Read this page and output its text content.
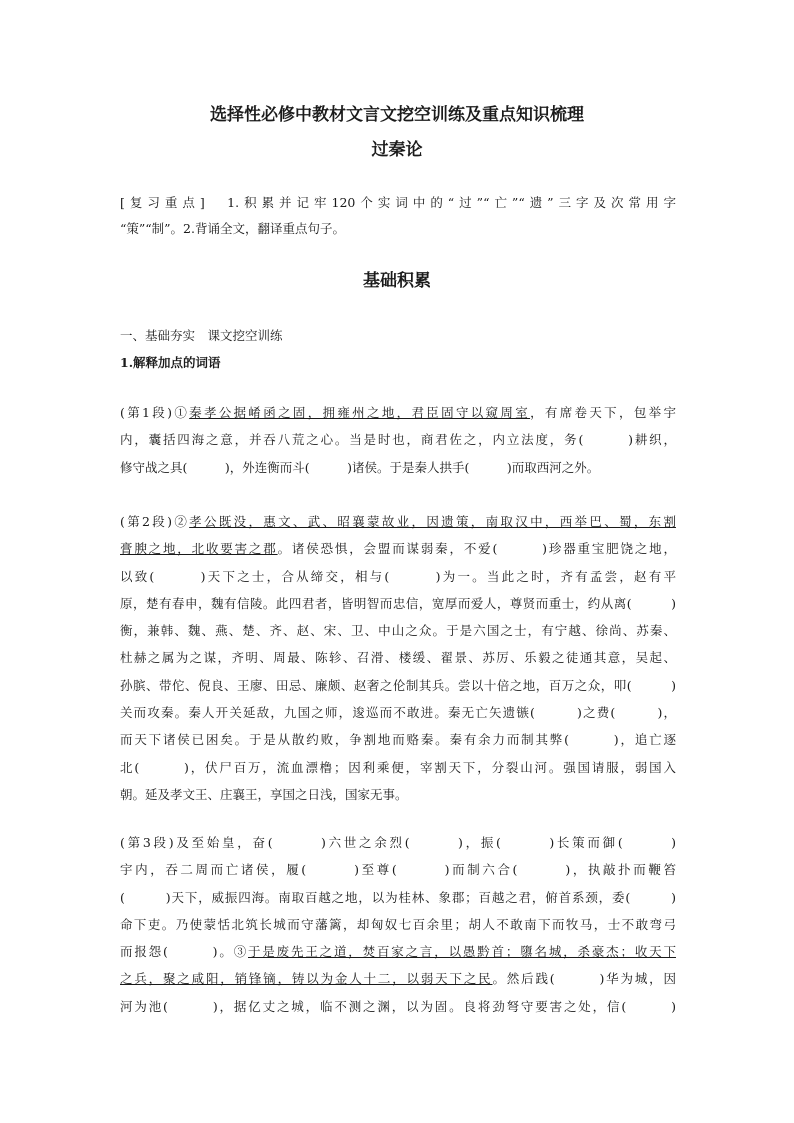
选择性必修中教材文言文挖空训练及重点知识梳理
过秦论
[复习重点]　1.积累并记牢120个实词中的“过”“亡”“遗”三字及次常用字
“策”“制”。2.背诵全文，翻译重点句子。
基础积累
一、基础夯实　课文挖空训练
1.解释加点的词语
(第1段)①秦孝公据崤函之固，拥雍州之地，君臣固守以窥周室，有席卷天下，包举宇
内，囊括四海之意，并吞八荒之心。当是时也，商君佐之，内立法度，务(　　　)耕织，
修守战之具(　　　)，外连衡而斗(　　　)诸侯。于是秦人拱手(　　　)而取西河之外。
(第2段)②孝公既没，惠文、武、昭襄蒙故业，因遗策，南取汉中，西举巴、蜀，东割
膏腴之地，北收要害之郡。诸侯恐惧，会盟而谋弱秦，不爱(　　　)珍器重宝肥饶之地，
以致(　　　)天下之士，合从缔交，相与(　　　)为一。当此之时，齐有孟尝，赵有平
原，楚有春申，魏有信陵。此四君者，皆明智而忠信，宽厚而爱人，尊贤而重士，约从离(　　　)
衡，兼韩、魏、燕、楚、齐、赵、宋、卫、中山之众。于是六国之士，有宁越、徐尚、苏秦、
杜赫之属为之谋，齐明、周最、陈轸、召滑、楼缓、翟景、苏厉、乐毅之徒通其意，吴起、
孙膑、带佗、倪良、王廖、田忌、廉颇、赵奢之伦制其兵。尝以十倍之地，百万之众，叩(　　　)
关而攻秦。秦人开关延敌，九国之师，逡巡而不敢进。秦无亡矢遗镞(　　　)之费(　　　)，
而天下诸侯已困矣。于是从散约败，争割地而赂秦。秦有余力而制其弊(　　　)，追亡逐
北(　　　)，伏尸百万，流血漂橹；因利乘便，宰割天下，分裂山河。强国请服，弱国入
朝。延及孝文王、庄襄王，享国之日浅，国家无事。
(第3段)及至始皇，奋(　　　)六世之余烈(　　　)，振(　　　)长策而御(　　　)
宇内，吞二周而亡诸侯，履(　　　)至尊(　　　)而制六合(　　　)，执敲扑而鞭笞
(　　　)天下，威振四海。南取百越之地，以为桂林、象郡；百越之君，俯首系颈，委(　　　)
命下吏。乃使蒙恬北筑长城而守藩篱，却匈奴七百余里；胡人不敢南下而牧马，士不敢弯弓
而报怨(　　　)。③于是废先王之道，焚百家之言，以愚黔首；隳名城，杀豪杰；收天下
之兵，聚之咸阳，销锋镝，铸以为金人十二，以弱天下之民。然后践(　　　)华为城，因
河为池(　　　)，据亿丈之城，临不测之渊，以为固。良将劲弩守要害之处，信(　　　)
